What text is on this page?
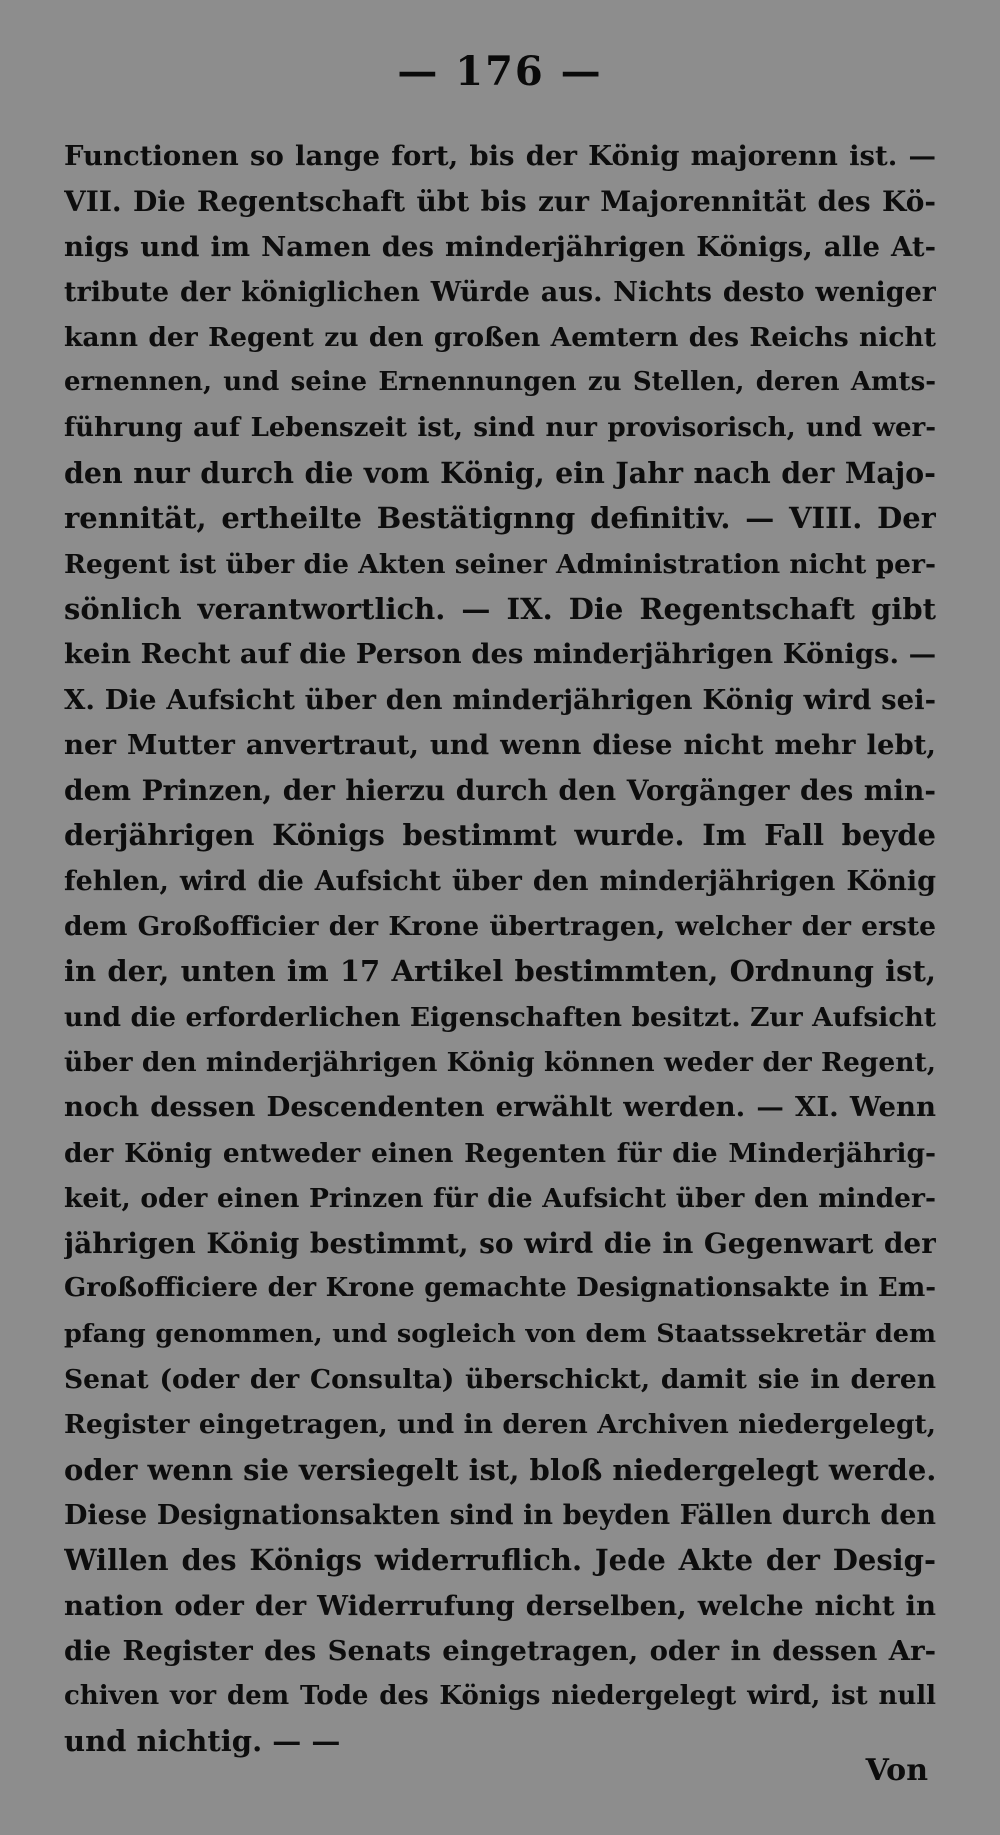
— 176 —
Functionen so lange fort, bis der König majorenn ist. —
VII. Die Regentschaft übt bis zur Majorennität des Kö-
nigs und im Namen des minderjährigen Königs, alle At-
tribute der königlichen Würde aus. Nichts desto weniger
kann der Regent zu den großen Aemtern des Reichs nicht
ernennen, und seine Ernennungen zu Stellen, deren Amts-
führung auf Lebenszeit ist, sind nur provisorisch, und wer-
den nur durch die vom König, ein Jahr nach der Majo-
rennität, ertheilte Bestätignng definitiv. — VIII. Der
Regent ist über die Akten seiner Administration nicht per-
sönlich verantwortlich. — IX. Die Regentschaft gibt
kein Recht auf die Person des minderjährigen Königs. —
X. Die Aufsicht über den minderjährigen König wird sei-
ner Mutter anvertraut, und wenn diese nicht mehr lebt,
dem Prinzen, der hierzu durch den Vorgänger des min-
derjährigen Königs bestimmt wurde. Im Fall beyde
fehlen, wird die Aufsicht über den minderjährigen König
dem Großofficier der Krone übertragen, welcher der erste
in der, unten im 17 Artikel bestimmten, Ordnung ist,
und die erforderlichen Eigenschaften besitzt. Zur Aufsicht
über den minderjährigen König können weder der Regent,
noch dessen Descendenten erwählt werden. — XI. Wenn
der König entweder einen Regenten für die Minderjährig-
keit, oder einen Prinzen für die Aufsicht über den minder-
jährigen König bestimmt, so wird die in Gegenwart der
Großofficiere der Krone gemachte Designationsakte in Em-
pfang genommen, und sogleich von dem Staatssekretär dem
Senat (oder der Consulta) überschickt, damit sie in deren
Register eingetragen, und in deren Archiven niedergelegt,
oder wenn sie versiegelt ist, bloß niedergelegt werde.
Diese Designationsakten sind in beyden Fällen durch den
Willen des Königs widerruflich. Jede Akte der Desig-
nation oder der Widerrufung derselben, welche nicht in
die Register des Senats eingetragen, oder in dessen Ar-
chiven vor dem Tode des Königs niedergelegt wird, ist null
und nichtig. — —
Von
